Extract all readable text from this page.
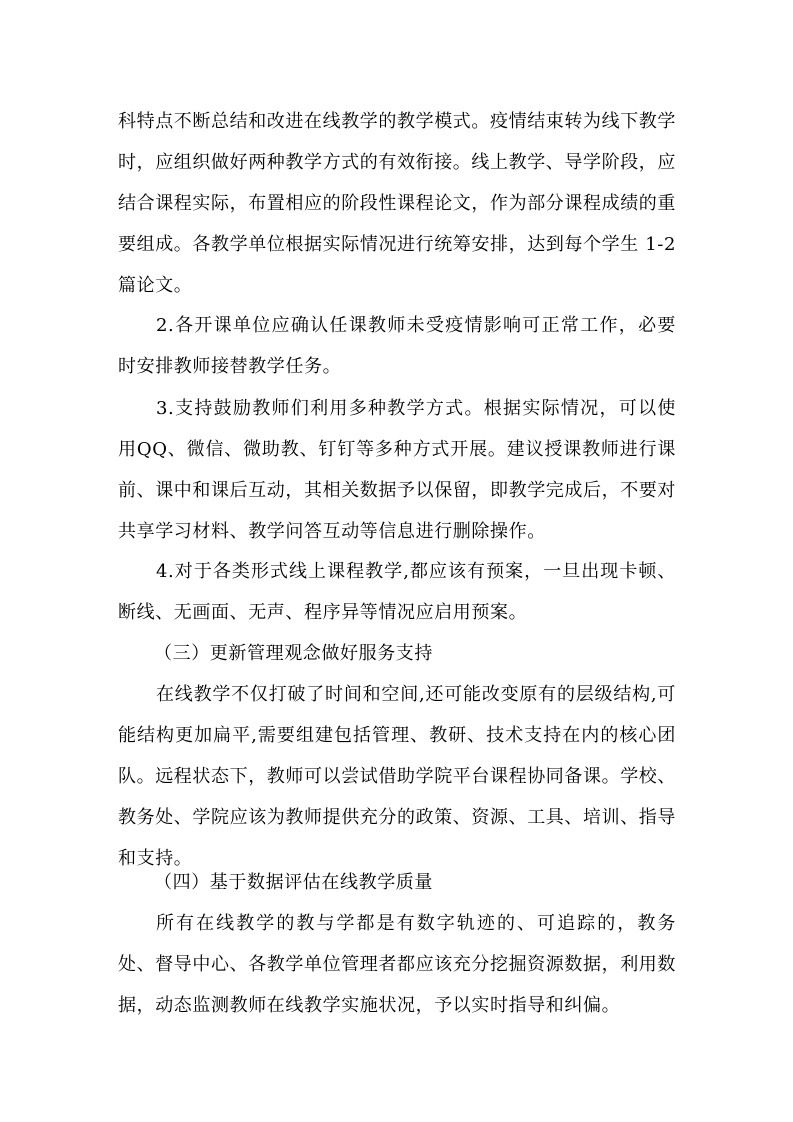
科特点不断总结和改进在线教学的教学模式。疫情结束转为线下教学时，应组织做好两种教学方式的有效衔接。线上教学、导学阶段，应结合课程实际，布置相应的阶段性课程论文，作为部分课程成绩的重要组成。各教学单位根据实际情况进行统筹安排，达到每个学生 1-2 篇论文。

2.各开课单位应确认任课教师未受疫情影响可正常工作，必要时安排教师接替教学任务。

3.支持鼓励教师们利用多种教学方式。根据实际情况，可以使用QQ、微信、微助教、钉钉等多种方式开展。建议授课教师进行课前、课中和课后互动，其相关数据予以保留，即教学完成后，不要对共享学习材料、教学问答互动等信息进行删除操作。

4.对于各类形式线上课程教学,都应该有预案，一旦出现卡顿、断线、无画面、无声、程序异等情况应启用预案。

（三）更新管理观念做好服务支持

在线教学不仅打破了时间和空间,还可能改变原有的层级结构,可能结构更加扁平,需要组建包括管理、教研、技术支持在内的核心团队。远程状态下，教师可以尝试借助学院平台课程协同备课。学校、教务处、学院应该为教师提供充分的政策、资源、工具、培训、指导和支持。

（四）基于数据评估在线教学质量

所有在线教学的教与学都是有数字轨迹的、可追踪的，教务处、督导中心、各教学单位管理者都应该充分挖掘资源数据，利用数据，动态监测教师在线教学实施状况，予以实时指导和纠偏。
